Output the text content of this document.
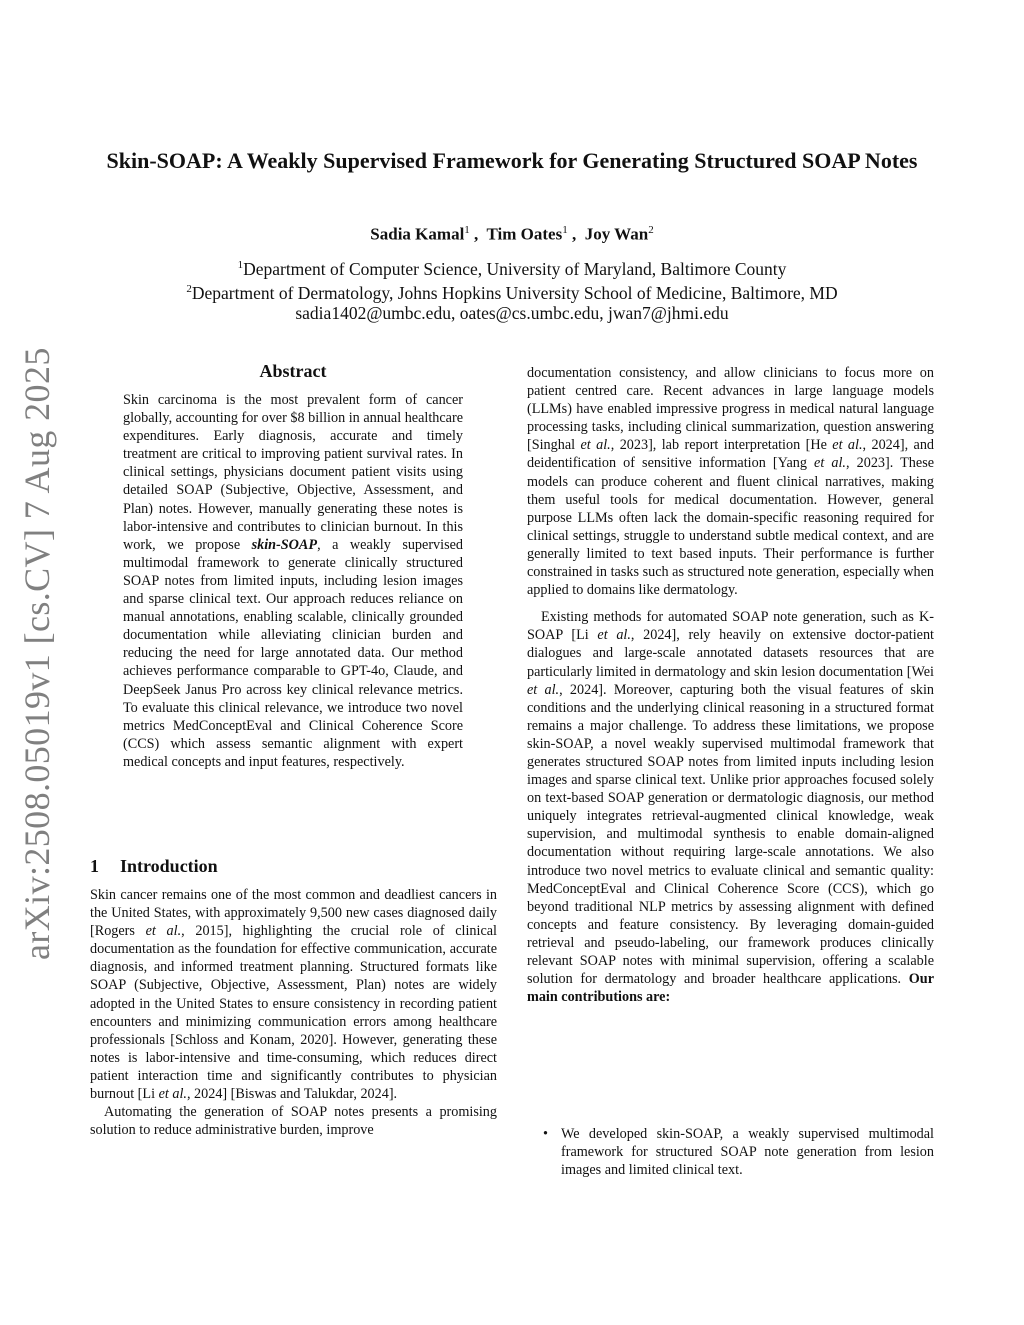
arXiv:2508.05019v1 [cs.CV] 7 Aug 2025
Skin-SOAP: A Weakly Supervised Framework for Generating Structured SOAP Notes
Sadia Kamal$^1$ ,  Tim Oates$^1$ ,  Joy Wan$^2$
$^1$Department of Computer Science, University of Maryland, Baltimore County
$^2$Department of Dermatology, Johns Hopkins University School of Medicine, Baltimore, MD
sadia1402@umbc.edu, oates@cs.umbc.edu, jwan7@jhmi.edu
Abstract

Skin carcinoma is the most prevalent form of cancer globally, accounting for over $8 billion in annual healthcare expenditures. Early diagnosis, accurate and timely treatment are critical to improving patient survival rates. In clinical settings, physicians document patient visits using detailed SOAP (Subjective, Objective, Assessment, and Plan) notes. However, manually generating these notes is labor-intensive and contributes to clinician burnout. In this work, we propose skin-SOAP, a weakly supervised multimodal framework to generate clinically structured SOAP notes from limited inputs, including lesion images and sparse clinical text. Our approach reduces reliance on manual annotations, enabling scalable, clinically grounded documentation while alleviating clinician burden and reducing the need for large annotated data. Our method achieves performance comparable to GPT-4o, Claude, and DeepSeek Janus Pro across key clinical relevance metrics. To evaluate this clinical relevance, we introduce two novel metrics MedConceptEval and Clinical Coherence Score (CCS) which assess semantic alignment with expert medical concepts and input features, respectively.

1 Introduction

Skin cancer remains one of the most common and deadliest cancers in the United States, with approximately 9,500 new cases diagnosed daily [Rogers et al., 2015], highlighting the crucial role of clinical documentation as the foundation for effective communication, accurate diagnosis, and informed treatment planning. Structured formats like SOAP (Subjective, Objective, Assessment, Plan) notes are widely adopted in the United States to ensure consistency in recording patient encounters and minimizing communication errors among healthcare professionals [Schloss and Konam, 2020]. However, generating these notes is labor-intensive and time-consuming, which reduces direct patient interaction time and significantly contributes to physician burnout [Li et al., 2024] [Biswas and Talukdar, 2024].

Automating the generation of SOAP notes presents a promising solution to reduce administrative burden, improve

documentation consistency, and allow clinicians to focus more on patient centred care. Recent advances in large language models (LLMs) have enabled impressive progress in medical natural language processing tasks, including clinical summarization, question answering [Singhal et al., 2023], lab report interpretation [He et al., 2024], and deidentification of sensitive information [Yang et al., 2023]. These models can produce coherent and fluent clinical narratives, making them useful tools for medical documentation. However, general purpose LLMs often lack the domain-specific reasoning required for clinical settings, struggle to understand subtle medical context, and are generally limited to text based inputs. Their performance is further constrained in tasks such as structured note generation, especially when applied to domains like dermatology.

Existing methods for automated SOAP note generation, such as K-SOAP [Li et al., 2024], rely heavily on extensive doctor-patient dialogues and large-scale annotated datasets resources that are particularly limited in dermatology and skin lesion documentation [Wei et al., 2024]. Moreover, capturing both the visual features of skin conditions and the underlying clinical reasoning in a structured format remains a major challenge. To address these limitations, we propose skin-SOAP, a novel weakly supervised multimodal framework that generates structured SOAP notes from limited inputs including lesion images and sparse clinical text. Unlike prior approaches focused solely on text-based SOAP generation or dermatologic diagnosis, our method uniquely integrates retrieval-augmented clinical knowledge, weak supervision, and multimodal synthesis to enable domain-aligned documentation without requiring large-scale annotations. We also introduce two novel metrics to evaluate clinical and semantic quality: MedConceptEval and Clinical Coherence Score (CCS), which go beyond traditional NLP metrics by assessing alignment with defined concepts and feature consistency. By leveraging domain-guided retrieval and pseudo-labeling, our framework produces clinically relevant SOAP notes with minimal supervision, offering a scalable solution for dermatology and broader healthcare applications. Our main contributions are:

• We developed skin-SOAP, a weakly supervised multimodal framework for structured SOAP note generation from lesion images and limited clinical text.
